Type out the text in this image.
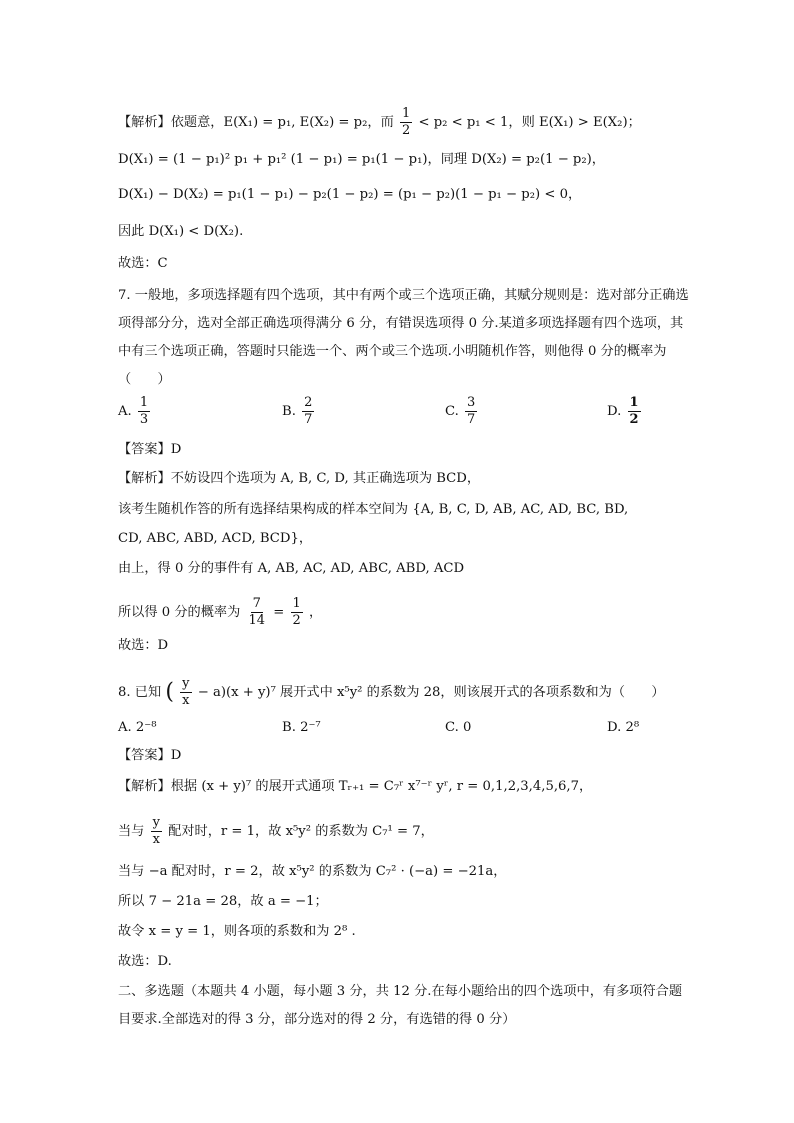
【解析】依题意，E(X₁) = p₁, E(X₂) = p₂，而 $\frac{1}{2} < p_2 < p_1 < 1$，则 E(X₁) > E(X₂)；
D(X₁) = (1 − p₁)² p₁ + p₁² (1 − p₁) = p₁(1 − p₁)，同理 D(X₂) = p₂(1 − p₂)，
D(X₁) − D(X₂) = p₁(1 − p₁) − p₂(1 − p₂) = (p₁ − p₂)(1 − p₁ − p₂) < 0，
因此 D(X₁) < D(X₂).
故选：C
7. 一般地，多项选择题有四个选项，其中有两个或三个选项正确，其赋分规则是：选对部分正确选项得部分分，选对全部正确选项得满分 6 分，有错误选项得 0 分.某道多项选择题有四个选项，其中有三个选项正确，答题时只能选一个、两个或三个选项.小明随机作答，则他得 0 分的概率为（　　）
A. $\frac{1}{3}$	B. $\frac{2}{7}$	C. $\frac{3}{7}$	D. $\frac{1}{2}$
【答案】D
【解析】不妨设四个选项为 A, B, C, D, 其正确选项为 BCD，
该考生随机作答的所有选择结果构成的样本空间为 {A, B, C, D, AB, AC, AD, BC, BD,
CD, ABC, ABD, ACD, BCD}，
由上，得 0 分的事件有 A, AB, AC, AD, ABC, ABD, ACD
所以得 0 分的概率为 $\frac{7}{14} = \frac{1}{2}$ ，
故选：D
8. 已知 ( $\frac{y}{x} - a)(x + y)^7$ 展开式中 x⁵y² 的系数为 28，则该展开式的各项系数和为（　　）
A. 2⁻⁸	B. 2⁻⁷	C. 0	D. 2⁸
【答案】D
【解析】根据 (x + y)⁷ 的展开式通项 Tᵣ₊₁ = C₇ʳ x⁷⁻ʳ yʳ, r = 0,1,2,3,4,5,6,7，
当与 $\frac{y}{x}$ 配对时，r = 1，故 x⁵y² 的系数为 C₇¹ = 7，
当与 −a 配对时，r = 2，故 x⁵y² 的系数为 C₇² · (−a) = −21a，
所以 7 − 21a = 28，故 a = −1；
故令 x = y = 1，则各项的系数和为 2⁸ .
故选：D.
二、多选题（本题共 4 小题，每小题 3 分，共 12 分.在每小题给出的四个选项中，有多项符合题目要求.全部选对的得 3 分，部分选对的得 2 分，有选错的得 0 分）
